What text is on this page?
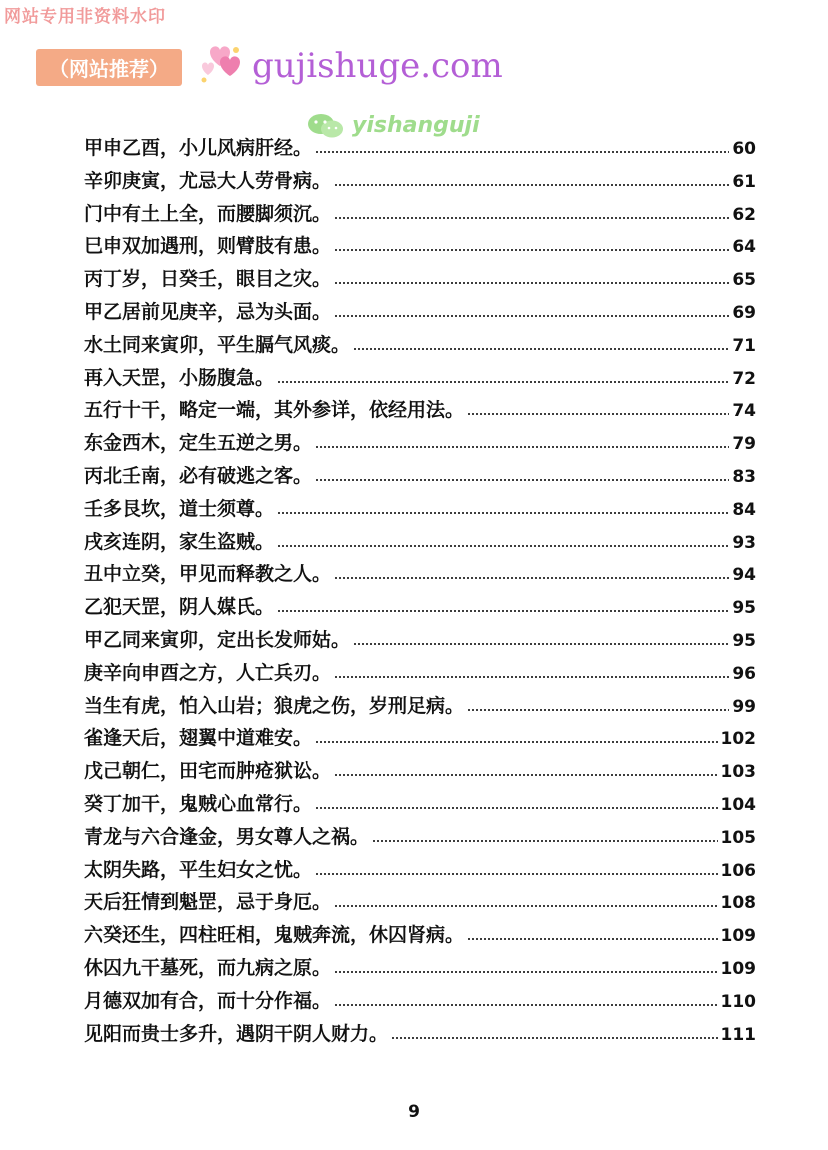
网站专用非资料水印
（网站推荐）	gujishuge.com
yishanguji
甲申乙酉，小儿风病肝经。	60
辛卯庚寅，尤忌大人劳骨病。	61
门中有土上全，而腰脚须沉。	62
巳申双加遇刑，则臂肢有患。	64
丙丁岁，日癸壬，眼目之灾。	65
甲乙居前见庚辛，忌为头面。	69
水土同来寅卯，平生膈气风痰。	71
再入天罡，小肠腹急。	72
五行十干，略定一端，其外参详，依经用法。	74
东金西木，定生五逆之男。	79
丙北壬南，必有破逃之客。	83
壬多艮坎，道士须尊。	84
戌亥连阴，家生盗贼。	93
丑中立癸，甲见而释教之人。	94
乙犯天罡，阴人媒氏。	95
甲乙同来寅卯，定出长发师姑。	95
庚辛向申酉之方，人亡兵刃。	96
当生有虎，怕入山岩；狼虎之伤，岁刑足病。	99
雀逢天后，翅翼中道难安。	102
戊己朝仁，田宅而肿疮狱讼。	103
癸丁加干，鬼贼心血常行。	104
青龙与六合逢金，男女尊人之祸。	105
太阴失路，平生妇女之忧。	106
天后狂情到魁罡，忌于身厄。	108
六癸还生，四柱旺相，鬼贼奔流，休囚肾病。	109
休囚九干墓死，而九病之原。	109
月德双加有合，而十分作福。	110
见阳而贵士多升，遇阴干阴人财力。	111
9
